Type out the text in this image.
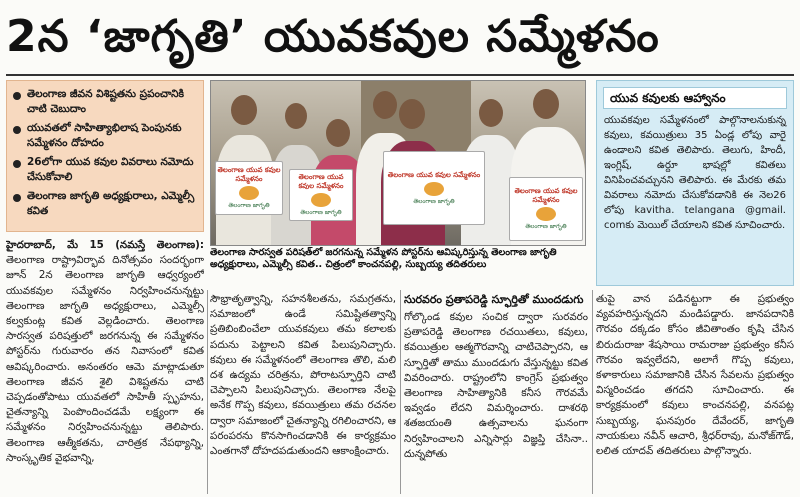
2న ‘జాగృతి’ యువకవుల సమ్మేళనం
తెలంగాణ జీవన విశిష్టతను ప్రపంచానికి చాటి చెబుదాం
యువతలో సాహిత్యాభిలాష పెంపునకు సమ్మేళనం దోహదం
26లోగా యువ కవుల వివరాలు నమోదు చేసుకోవాలి
తెలంగాణ జాగృతి అధ్యక్షురాలు, ఎమ్మెల్సీ కవిత
తెలంగాణ యువ కవుల సమ్మేళనం
తెలంగాణ జాగృతి
తెలంగాణ యువ కవుల సమ్మేళనం
తెలంగాణ జాగృతి
తెలంగాణ యువ కవుల సమ్మేళనం
తెలంగాణ జాగృతి
తెలంగాణ యువ కవుల సమ్మేళనం
తెలంగాణ జాగృతి
తెలంగాణ సారస్వత పరిషత్‌లో జరగనున్న సమ్మేళన పోస్టర్‌ను ఆవిష్కరిస్తున్న తెలంగాణ జాగృతి అధ్యక్షురాలు, ఎమ్మెల్సీ కవిత.. చిత్రంలో కాంచనపల్లి, సుబ్బయ్య తదితరులు
యువ కవులకు ఆహ్వానం
యువకవుల సమ్మేళనంలో పాల్గొనాలనుకున్న కవులు, కవయిత్రులు 35 ఏండ్ల లోపు వారై ఉండాలని కవిత తెలిపారు. తెలుగు, హిందీ, ఇంగ్లిష్, ఉర్దూ భాషల్లో కవితలు వినిపించవచ్చునని తెలిపారు. ఈ మేరకు తమ వివరాలు నమోదు చేసుకోవడానికి ఈ నెల26 లోపు kavitha. telangana @gmail. comకు మెయిల్ చేయాలని కవిత సూచించారు.
హైదరాబాద్, మే 15 (నమస్తే తెలంగాణ): తెలంగాణ రాష్ట్రావిర్భావ దినోత్సవం సందర్భంగా జూన్ 2న తెలంగాణ జాగృతి ఆధ్వర్యంలో యువకవుల సమ్మేళనం నిర్వహించనున్నట్టు తెలంగాణ జాగృతి అధ్యక్షురాలు, ఎమ్మెల్సీ కల్వకుంట్ల కవిత వెల్లడించారు. తెలంగాణ సారస్వత పరిషత్తులో జరగనున్న ఈ సమ్మేళనం పోస్టర్‌ను గురువారం తన నివాసంలో కవిత ఆవిష్కరించారు. అనంతరం ఆమె మాట్లాడుతూ తెలంగాణ జీవన శైలి విశిష్టతను చాటి చెప్పడంతోపాటు యువతలో సాహితీ స్పృహను, చైతన్యాన్ని పెంపొందించడమే లక్ష్యంగా ఈ సమ్మేళనం నిర్వహించనున్నట్టు తెలిపారు. తెలంగాణ ఆత్మీకతను, చారిత్రక నేపథ్యాన్ని, సాంస్కృతిక వైభవాన్ని,
సౌభ్రాతృత్వాన్ని, సహనశీలతను, సమగ్రతను, సమాజంలో ఉండే సమిష్టితత్వాన్ని ప్రతిబింబించేలా యువకవులు తమ కలాలకు పదును పెట్టాలని కవిత పిలుపునిచ్చారు. కవులు ఈ సమ్మేళనంలో తెలంగాణ తొలి, మలి దశ ఉద్యమ చరిత్రను, పోరాటస్ఫూర్తిని చాటి చెప్పాలని పిలుపునిచ్చారు. తెలంగాణ నేలపై అనేక గొప్ప కవులు, కవయిత్రులు తమ రచనల ద్వారా సమాజంలో చైతన్యాన్ని రగిలించారని, ఆ పరంపరను కొనసాగించడానికి ఈ కార్యక్రమం ఎంతగానో దోహదపడుతుందని ఆకాంక్షించారు.
సురవరం ప్రతాపరెడ్డి స్ఫూర్తితో ముందడుగు
గోల్కొండ కవుల సంచిక ద్వారా సురవరం ప్రతాపరెడ్డి తెలంగాణ రచయితలు, కవులు, కవయిత్రుల ఆత్మగౌరవాన్ని చాటిచెప్పారని, ఆ స్ఫూర్తితో తాము ముందడుగు వేస్తున్నట్టు కవిత వివరించారు. రాష్ట్రంలోని కాంగ్రెస్ ప్రభుత్వం తెలంగాణ సాహిత్యానికి కనీస గౌరవమే ఇవ్వడం లేదని విమర్శించారు. దాశరథి శతజయంతి ఉత్సవాలను ఘనంగా నిర్వహించాలని ఎన్నిసార్లు విజ్ఞప్తి చేసినా.. దున్నపోతు
తుపై వాన పడినట్టుగా ఈ ప్రభుత్వం వ్యవహరిస్తున్నదని మండిపడ్డారు. జానపదానికి గౌరవం దక్కడం కోసం జీవితాంతం కృషి చేసిన బిరుదురాజు శేషసాయి రామరాజు ప్రభుత్వం కనీస గౌరవం ఇవ్వలేదని, అలాగే గొప్ప కవులు, కళాకారులు సమాజానికి చేసిన సేవలను ప్రభుత్వం విస్మరించడం తగదని సూచించారు. ఈ కార్యక్రమంలో కవులు కాంచనపల్లి, వనపట్ల సుబ్బయ్య, ఘనపురం దేవేందర్, జాగృతి నాయకులు నవీన్ ఆచారి, శ్రీధర్‌రావు, మనోజ్‌గౌడ్, లలిత యాదవ్ తదితరులు పాల్గొన్నారు.
